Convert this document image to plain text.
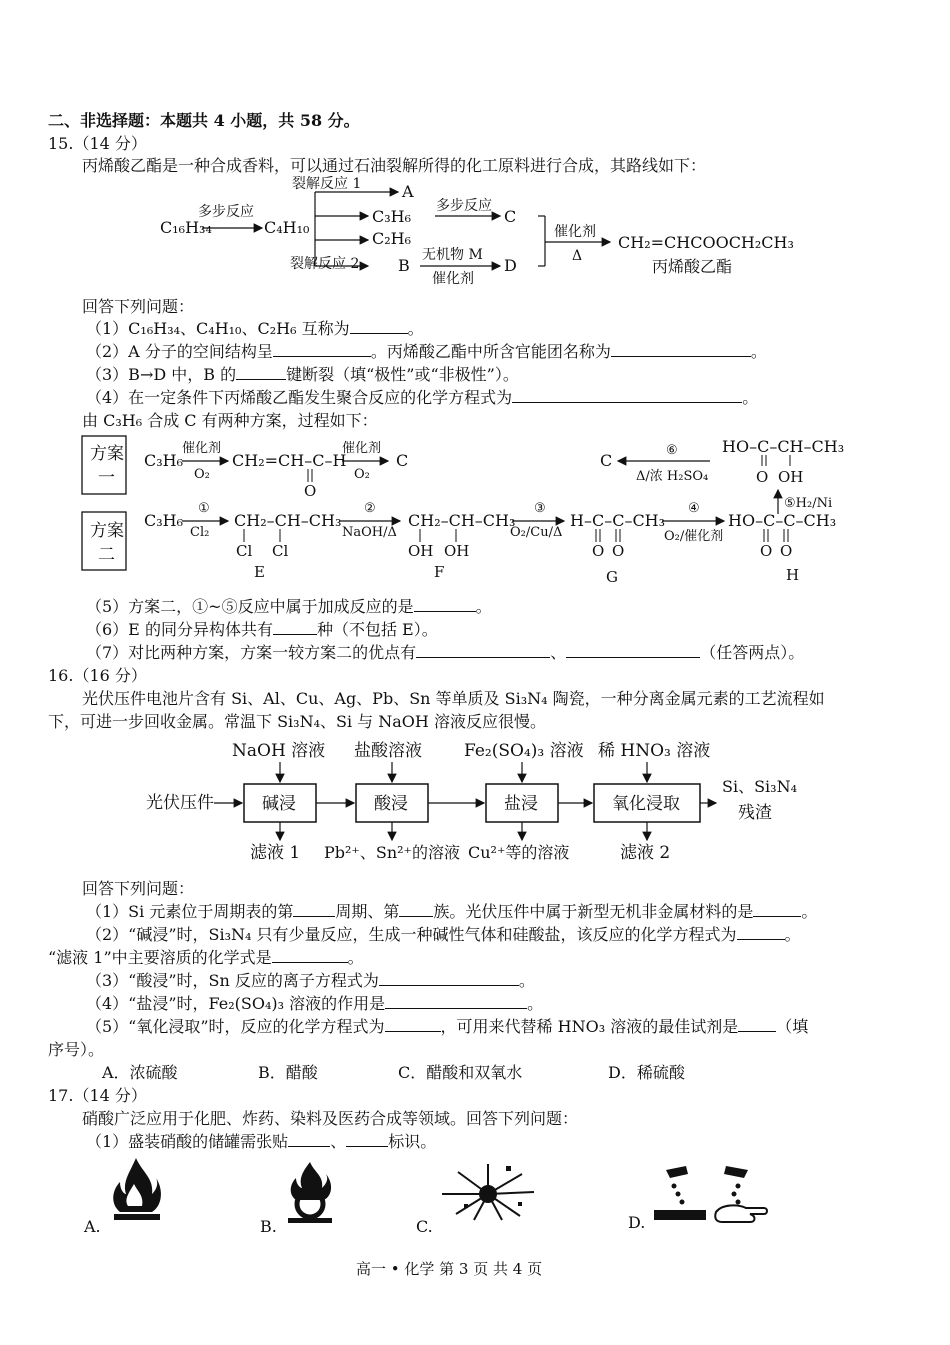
二、非选择题：本题共 4 小题，共 58 分。
15.（14 分）
丙烯酸乙酯是一种合成香料，可以通过石油裂解所得的化工原料进行合成，其路线如下：
C₁₆H₃₄
多步反应
C₄H₁₀
裂解反应 1	A
C₃H₆
多步反应
C
C₂H₆
裂解反应 2 B
无机物 M
催化剂
D
催化剂
Δ
CH₂=CHCOOCH₂CH₃
丙烯酸乙酯
回答下列问题：
（1）C₁₆H₃₄、C₄H₁₀、C₂H₆ 互称为	。
（2）A 分子的空间结构呈	。丙烯酸乙酯中所含官能团名称为	。
（3）B→D 中，B 的	键断裂（填“极性”或“非极性”）。
（4）在一定条件下丙烯酸乙酯发生聚合反应的化学方程式为	。
由 C₃H₆ 合成 C 有两种方案，过程如下：
方案
一
C₃H₆
催化剂
O₂
CH₂=CH–C–H
O
催化剂
O₂
C	C
⑥
Δ/浓 H₂SO₄
HO–C–CH–CH₃
O OH
⑤H₂/Ni
方案
二
C₃H₆
①
Cl₂
CH₂–CH–CH₃
Cl Cl
E
②
NaOH/Δ
CH₂–CH–CH₃
OH OH
F
③
O₂/Cu/Δ
H–C–C–CH₃
O O
G
④
O₂/催化剂
HO–C–C–CH₃
O O
H
（5）方案二，①~⑤反应中属于加成反应的是	。
（6）E 的同分异构体共有	种（不包括 E）。
（7）对比两种方案，方案一较方案二的优点有	、	（任答两点）。
16.（16 分）
光伏压件电池片含有 Si、Al、Cu、Ag、Pb、Sn 等单质及 Si₃N₄ 陶瓷，一种分离金属元素的工艺流程如
下，可进一步回收金属。常温下 Si₃N₄、Si 与 NaOH 溶液反应很慢。
NaOH 溶液 盐酸溶液 Fe₂(SO₄)₃ 溶液 稀 HNO₃ 溶液
光伏压件	碱浸	酸浸	盐浸	氧化浸取
Si、Si₃N₄
残渣
滤液 1 Pb²⁺、Sn²⁺的溶液 Cu²⁺等的溶液	滤液 2
回答下列问题：
（1）Si 元素位于周期表的第	周期、第 族。光伏压件中属于新型无机非金属材料的是	。
（2）“碱浸”时，Si₃N₄ 只有少量反应，生成一种碱性气体和硅酸盐，该反应的化学方程式为	。
“滤液 1”中主要溶质的化学式是	。
（3）“酸浸”时，Sn 反应的离子方程式为	。
（4）“盐浸”时，Fe₂(SO₄)₃ 溶液的作用是	。
（5）“氧化浸取”时，反应的化学方程式为	，可用来代替稀 HNO₃ 溶液的最佳试剂是 （填
序号）。
A．浓硫酸	B．醋酸	C．醋酸和双氧水	D．稀硫酸
17.（14 分）
硝酸广泛应用于化肥、炸药、染料及医药合成等领域。回答下列问题：
（1）盛装硝酸的储罐需张贴	、	标识。
A.	B.	C.	D.
高一 • 化学 第 3 页 共 4 页
